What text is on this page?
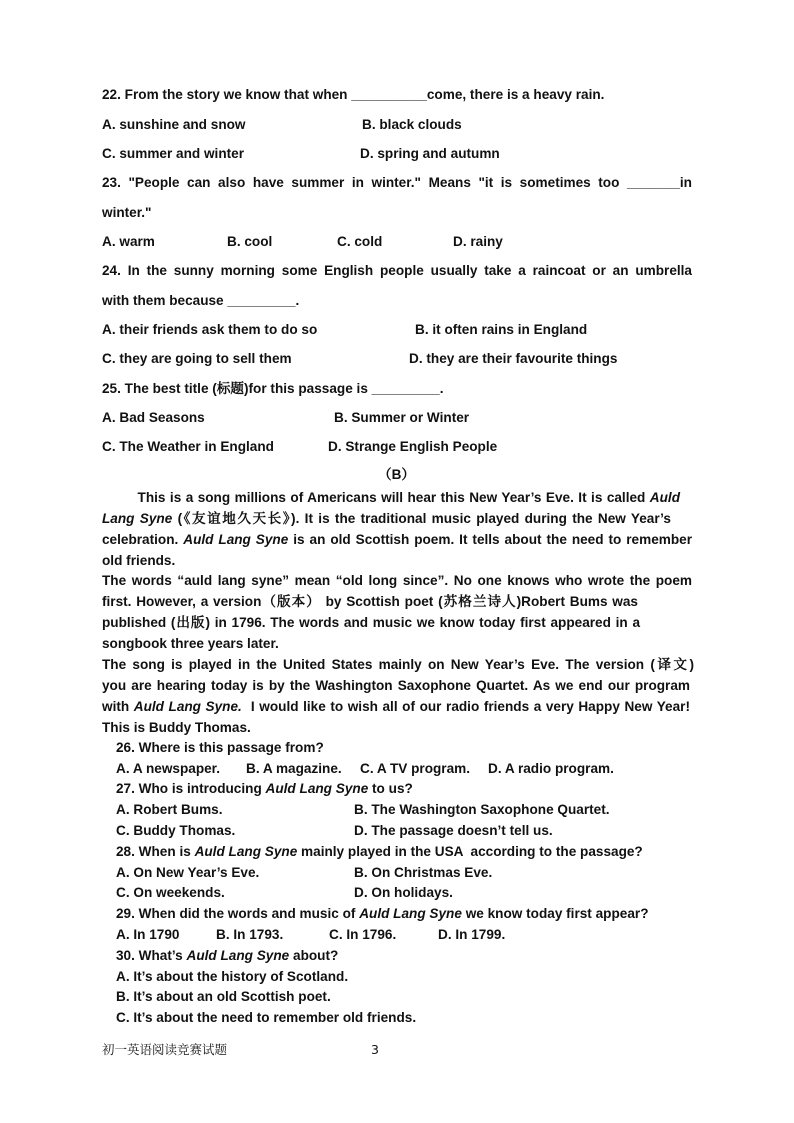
22. From the story we know that when __________come, there is a heavy rain.
A. sunshine and snow	B. black clouds
C. summer and winter	D. spring and autumn
23. "People can also have summer in winter." Means "it is sometimes too _______in
winter."
A. warm	B. cool	C. cold	D. rainy
24. In the sunny morning some English people usually take a raincoat or an umbrella
with them because _________.
A. their friends ask them to do so	B. it often rains in England
C. they are going to sell them	D. they are their favourite things
25. The best title (标题)for this passage is _________.
A. Bad Seasons	B. Summer or Winter
C. The Weather in England	D. Strange English People
（B）
This is a song millions of Americans will hear this New Year’s Eve. It is called Auld
Lang Syne (《友谊地久天长》). It is the traditional music played during the New Year’s
celebration. Auld Lang Syne is an old Scottish poem. It tells about the need to remember
old friends.
The words “auld lang syne” mean “old long since”. No one knows who wrote the poem
first. However, a version（版本） by Scottish poet (苏格兰诗人)Robert Bums was
published (出版) in 1796. The words and music we know today first appeared in a
songbook three years later.
The song is played in the United States mainly on New Year’s Eve. The version (译文)
you are hearing today is by the Washington Saxophone Quartet. As we end our program
with Auld Lang Syne.  I would like to wish all of our radio friends a very Happy New Year!
This is Buddy Thomas.
26. Where is this passage from?
A. A newspaper. B. A magazine. C. A TV program. D. A radio program.
27. Who is introducing Auld Lang Syne to us?
A. Robert Bums.	B. The Washington Saxophone Quartet.
C. Buddy Thomas.	D. The passage doesn’t tell us.
28. When is Auld Lang Syne mainly played in the USA  according to the passage?
A. On New Year’s Eve.	B. On Christmas Eve.
C. On weekends.	D. On holidays.
29. When did the words and music of Auld Lang Syne we know today first appear?
A. In 1790	B. In 1793.	C. In 1796.	D. In 1799.
30. What’s Auld Lang Syne about?
A. It’s about the history of Scotland.
B. It’s about an old Scottish poet.
C. It’s about the need to remember old friends.
初一英语阅读竞赛试题	3
